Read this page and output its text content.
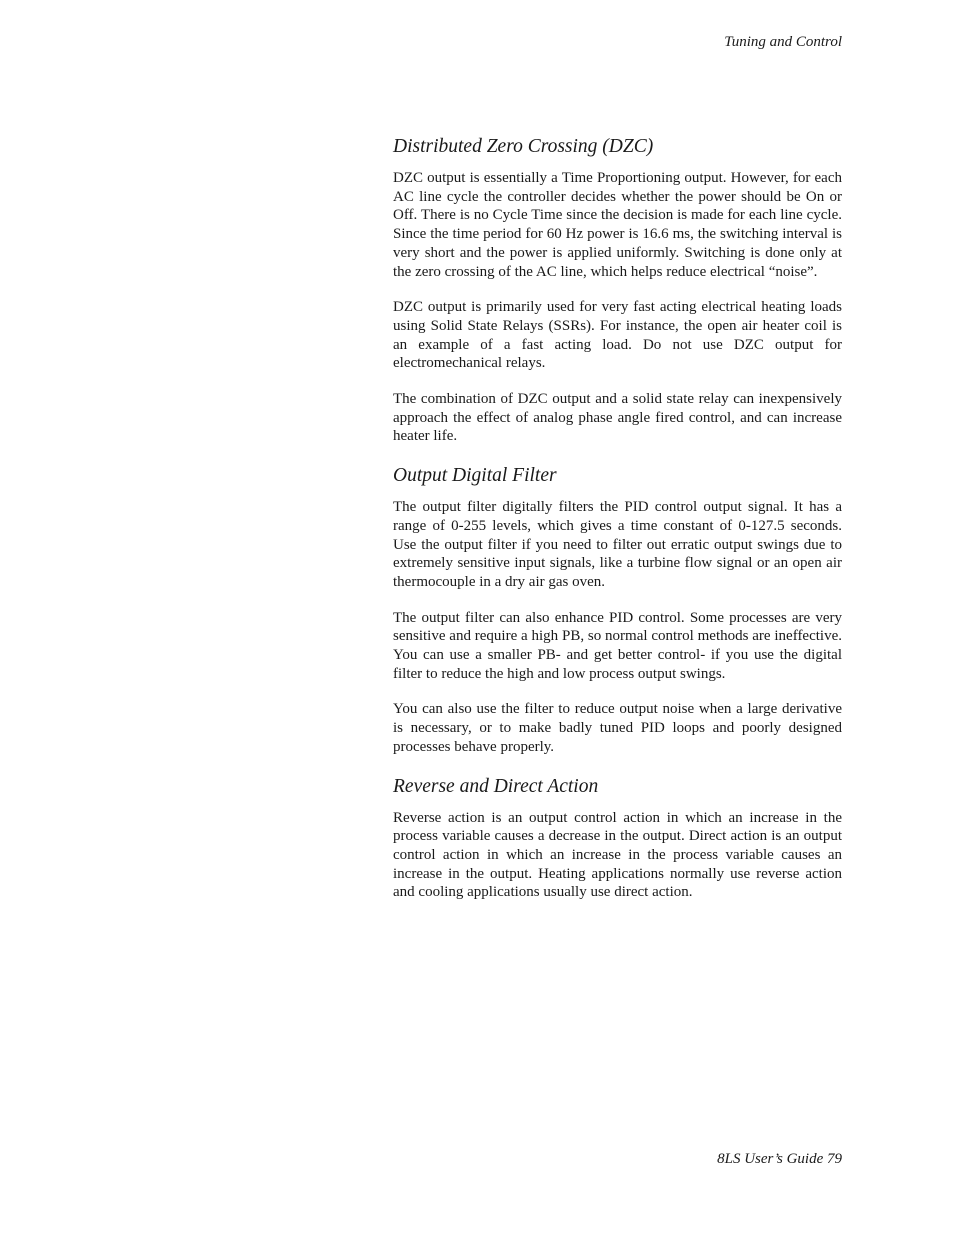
Tuning and Control
Distributed Zero Crossing (DZC)

DZC output is essentially a Time Proportioning output. However, for each AC line cycle the controller decides whether the power should be On or Off. There is no Cycle Time since the decision is made for each line cycle. Since the time period for 60 Hz power is 16.6 ms, the switching interval is very short and the power is applied uniformly. Switching is done only at the zero crossing of the AC line, which helps reduce electrical “noise”.

DZC output is primarily used for very fast acting electrical heating loads using Solid State Relays (SSRs). For instance, the open air heater coil is an example of a fast acting load. Do not use DZC output for electromechanical relays.

The combination of DZC output and a solid state relay can inexpensively approach the effect of analog phase angle fired control, and can increase heater life.

Output Digital Filter

The output filter digitally filters the PID control output signal. It has a range of 0-255 levels, which gives a time constant of 0-127.5 seconds. Use the output filter if you need to filter out erratic output swings due to extremely sensitive input signals, like a turbine flow signal or an open air thermocouple in a dry air gas oven.

The output filter can also enhance PID control. Some processes are very sensitive and require a high PB, so normal control methods are ineffective. You can use a smaller PB- and get better control- if you use the digital filter to reduce the high and low process output swings.

You can also use the filter to reduce output noise when a large derivative is necessary, or to make badly tuned PID loops and poorly designed processes behave properly.

Reverse and Direct Action

Reverse action is an output control action in which an increase in the process variable causes a decrease in the output. Direct action is an output control action in which an increase in the process variable causes an increase in the output. Heating applications normally use reverse action and cooling applications usually use direct action.

8LS User’s Guide 79
